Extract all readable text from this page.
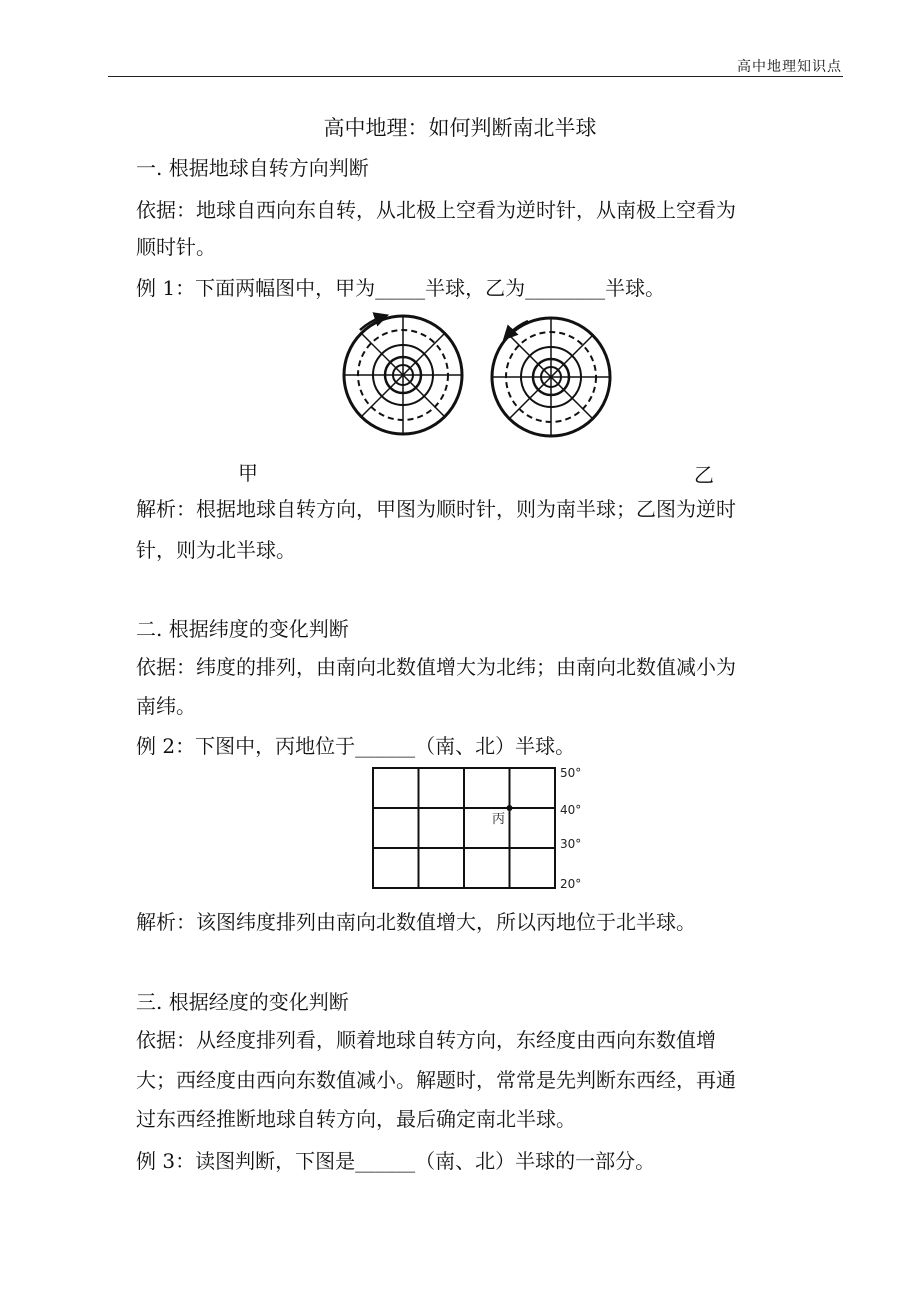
高中地理知识点
高中地理：如何判断南北半球
一. 根据地球自转方向判断
依据：地球自西向东自转，从北极上空看为逆时针，从南极上空看为
顺时针。
例 1：下面两幅图中，甲为_____半球，乙为________半球。
甲	乙
解析：根据地球自转方向，甲图为顺时针，则为南半球；乙图为逆时
针，则为北半球。
二. 根据纬度的变化判断
依据：纬度的排列，由南向北数值增大为北纬；由南向北数值减小为
南纬。
例 2：下图中，丙地位于______（南、北）半球。
丙
50°
40°
30°
20°
解析：该图纬度排列由南向北数值增大，所以丙地位于北半球。
三. 根据经度的变化判断
依据：从经度排列看，顺着地球自转方向，东经度由西向东数值增
大；西经度由西向东数值减小。解题时，常常是先判断东西经，再通
过东西经推断地球自转方向，最后确定南北半球。
例 3：读图判断，下图是______（南、北）半球的一部分。
